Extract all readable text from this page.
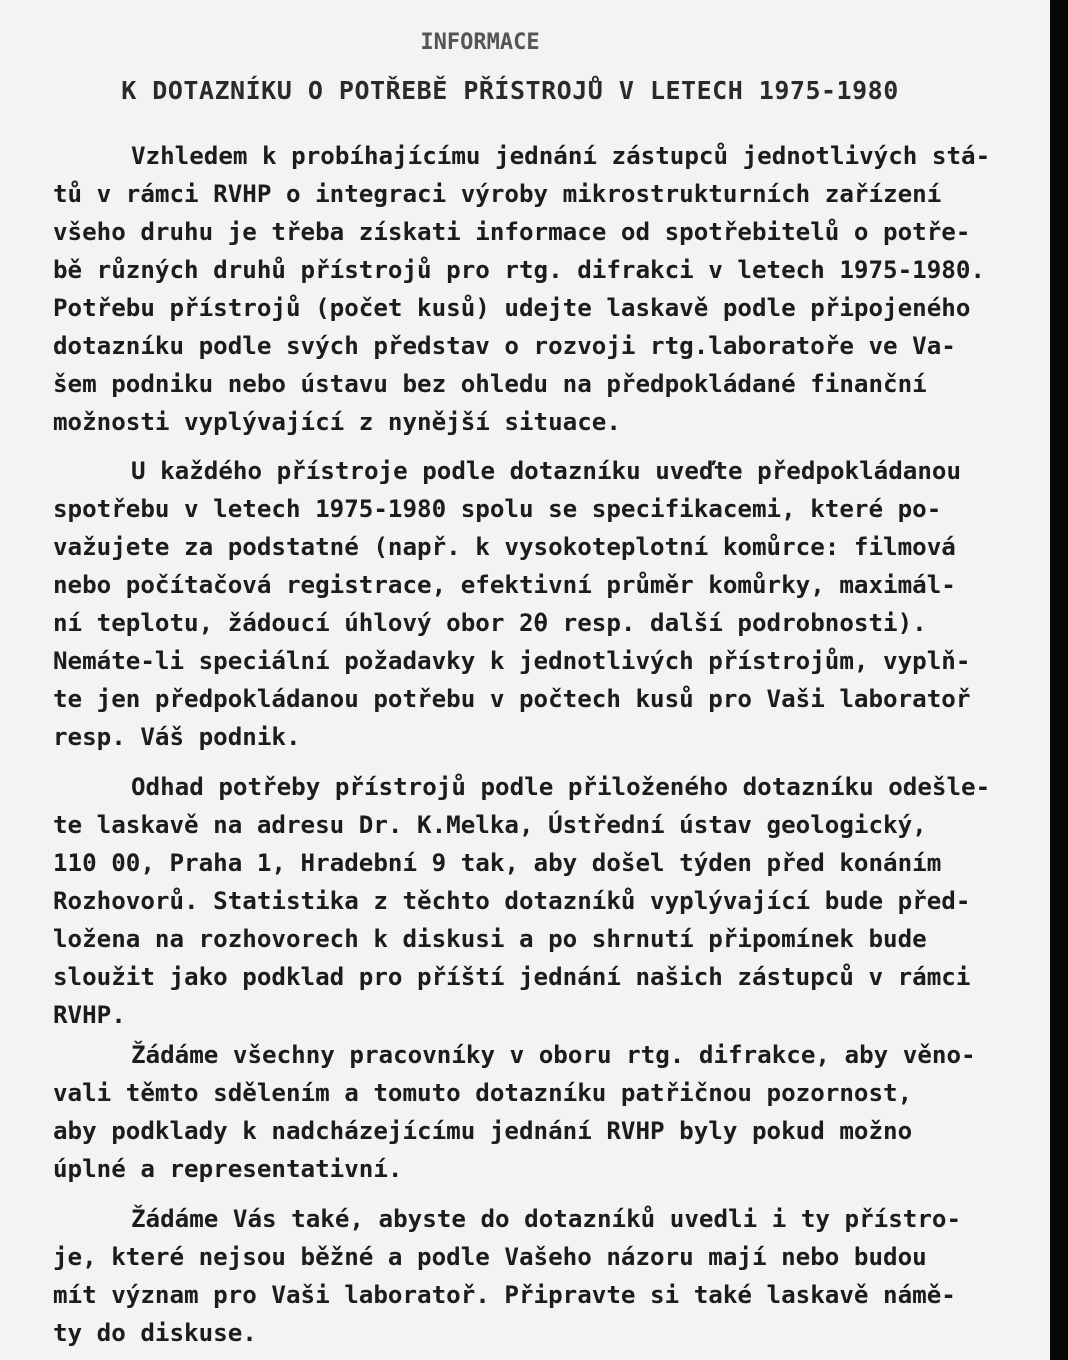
INFORMACE
K DOTAZNÍKU O POTŘEBĚ PŘÍSTROJŮ V LETECH 1975-1980
Vzhledem k probíhajícímu jednání zástupců jednotlivých stá-
tů v rámci RVHP o integraci výroby mikrostrukturních zařízení
všeho druhu je třeba získati informace od spotřebitelů o potře-
bě různých druhů přístrojů pro rtg. difrakci v letech 1975-1980.
Potřebu přístrojů (počet kusů) udejte laskavě podle připojeného
dotazníku podle svých představ o rozvoji rtg.laboratoře ve Va-
šem podniku nebo ústavu bez ohledu na předpokládané finanční
možnosti vyplývající z nynější situace.
U každého přístroje podle dotazníku uveďte předpokládanou
spotřebu v letech 1975-1980 spolu se specifikacemi, které po-
važujete za podstatné (např. k vysokoteplotní komůrce: filmová
nebo počítačová registrace, efektivní průměr komůrky, maximál-
ní teplotu, žádoucí úhlový obor 2θ resp. další podrobnosti).
Nemáte-li speciální požadavky k jednotlivých přístrojům, vyplň-
te jen předpokládanou potřebu v počtech kusů pro Vaši laboratoř
resp. Váš podnik.
Odhad potřeby přístrojů podle přiloženého dotazníku odešle-
te laskavě na adresu Dr. K.Melka, Ústřední ústav geologický,
110 00, Praha 1, Hradební 9 tak, aby došel týden před konáním
Rozhovorů. Statistika z těchto dotazníků vyplývající bude před-
ložena na rozhovorech k diskusi a po shrnutí připomínek bude
sloužit jako podklad pro příští jednání našich zástupců v rámci
RVHP.
Žádáme všechny pracovníky v oboru rtg. difrakce, aby věno-
vali těmto sdělením a tomuto dotazníku patřičnou pozornost,
aby podklady k nadcházejícímu jednání RVHP byly pokud možno
úplné a representativní.
Žádáme Vás také, abyste do dotazníků uvedli i ty přístro-
je, které nejsou běžné a podle Vašeho názoru mají nebo budou
mít význam pro Vaši laboratoř. Připravte si také laskavě námě-
ty do diskuse.
